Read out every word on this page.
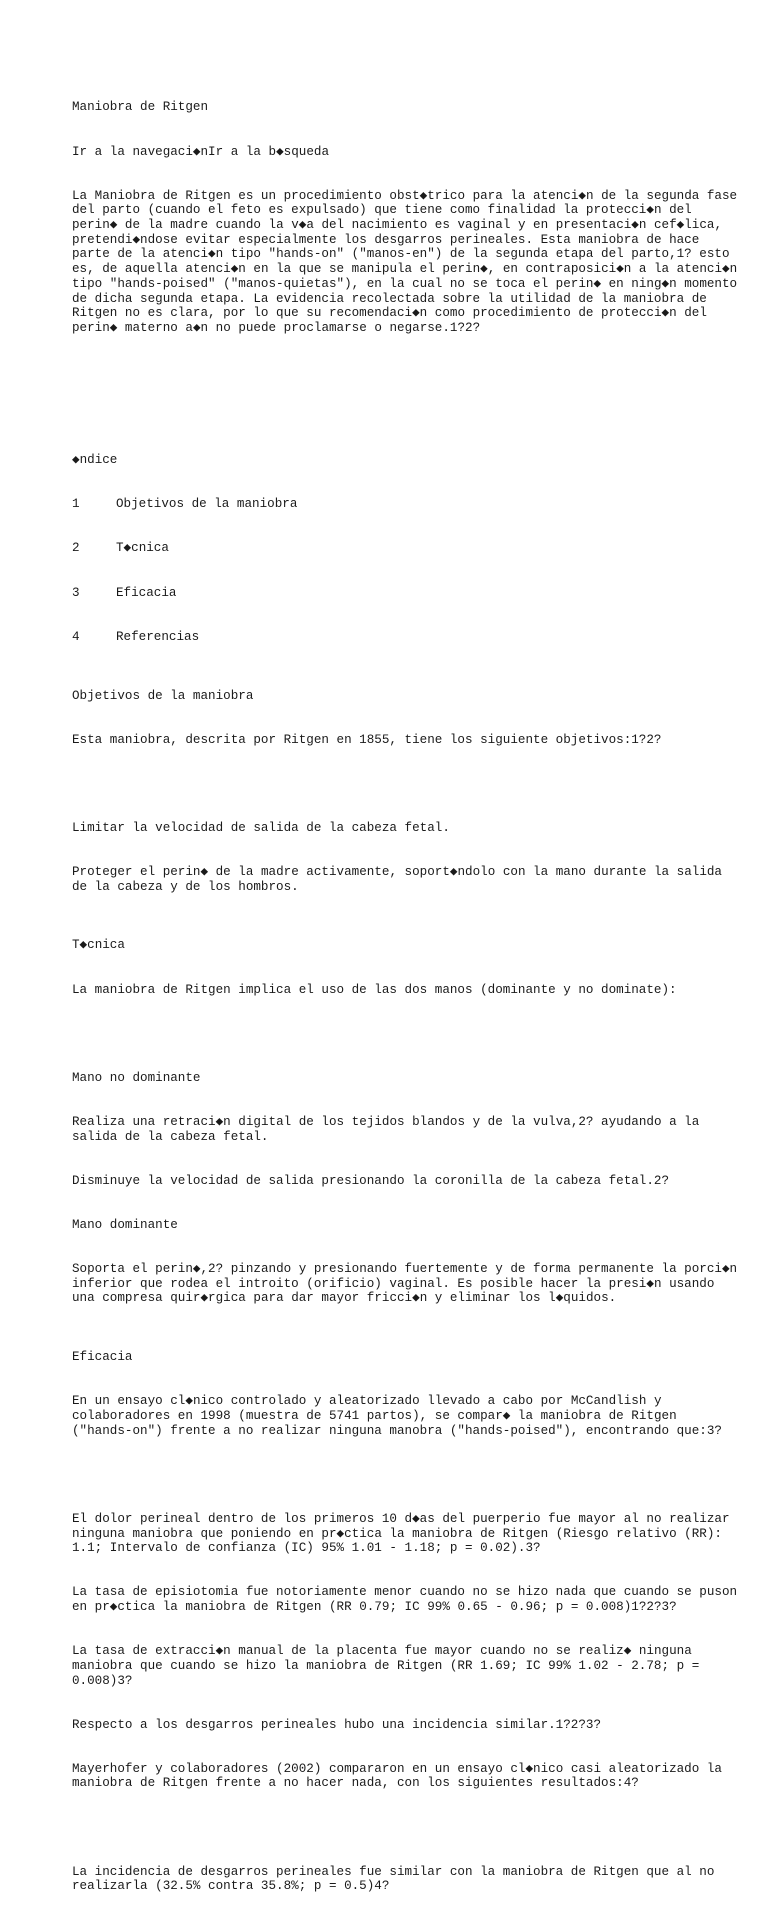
Maniobra de Ritgen

Ir a la navegaci◆nIr a la b◆squeda

La Maniobra de Ritgen es un procedimiento obst◆trico para la atenci◆n de la segunda fase del parto (cuando el feto es expulsado) que tiene como finalidad la protecci◆n del perin◆ de la madre cuando la v◆a del nacimiento es vaginal y en presentaci◆n cef◆lica, pretendi◆ndose evitar especialmente los desgarros perineales. Esta maniobra de hace parte de la atenci◆n tipo "hands-on" ("manos-en") de la segunda etapa del parto,1? esto es, de aquella atenci◆n en la que se manipula el perin◆, en contraposici◆n a la atenci◆n tipo "hands-poised" ("manos-quietas"), en la cual no se toca el perin◆ en ning◆n momento de dicha segunda etapa. La evidencia recolectada sobre la utilidad de la maniobra de Ritgen no es clara, por lo que su recomendaci◆n como procedimiento de protecci◆n del perin◆ materno a◆n no puede proclamarse o negarse.1?2?

◆ndice

1	Objetivos de la maniobra

2	T◆cnica

3	Eficacia

4	Referencias

Objetivos de la maniobra

Esta maniobra, descrita por Ritgen en 1855, tiene los siguiente objetivos:1?2?

Limitar la velocidad de salida de la cabeza fetal.

Proteger el perin◆ de la madre activamente, soport◆ndolo con la mano durante la salida de la cabeza y de los hombros.

T◆cnica

La maniobra de Ritgen implica el uso de las dos manos (dominante y no dominate):

Mano no dominante

Realiza una retraci◆n digital de los tejidos blandos y de la vulva,2? ayudando a la salida de la cabeza fetal.

Disminuye la velocidad de salida presionando la coronilla de la cabeza fetal.2?

Mano dominante

Soporta el perin◆,2? pinzando y presionando fuertemente y de forma permanente la porci◆n inferior que rodea el introito (orificio) vaginal. Es posible hacer la presi◆n usando una compresa quir◆rgica para dar mayor fricci◆n y eliminar los l◆quidos.

Eficacia

En un ensayo cl◆nico controlado y aleatorizado llevado a cabo por McCandlish y colaboradores en 1998 (muestra de 5741 partos), se compar◆ la maniobra de Ritgen ("hands-on") frente a no realizar ninguna manobra ("hands-poised"), encontrando que:3?

El dolor perineal dentro de los primeros 10 d◆as del puerperio fue mayor al no realizar ninguna maniobra que poniendo en pr◆ctica la maniobra de Ritgen (Riesgo relativo (RR): 1.1; Intervalo de confianza (IC) 95% 1.01 - 1.18; p = 0.02).3?

La tasa de episiotomia fue notoriamente menor cuando no se hizo nada que cuando se puson en pr◆ctica la maniobra de Ritgen (RR 0.79; IC 99% 0.65 - 0.96; p = 0.008)1?2?3?

La tasa de extracci◆n manual de la placenta fue mayor cuando no se realiz◆ ninguna maniobra que cuando se hizo la maniobra de Ritgen (RR 1.69; IC 99% 1.02 - 2.78; p = 0.008)3?

Respecto a los desgarros perineales hubo una incidencia similar.1?2?3?

Mayerhofer y colaboradores (2002) compararon en un ensayo cl◆nico casi aleatorizado la maniobra de Ritgen frente a no hacer nada, con los siguientes resultados:4?

La incidencia de desgarros perineales fue similar con la maniobra de Ritgen que al no realizarla (32.5% contra 35.8%; p = 0.5)4?
